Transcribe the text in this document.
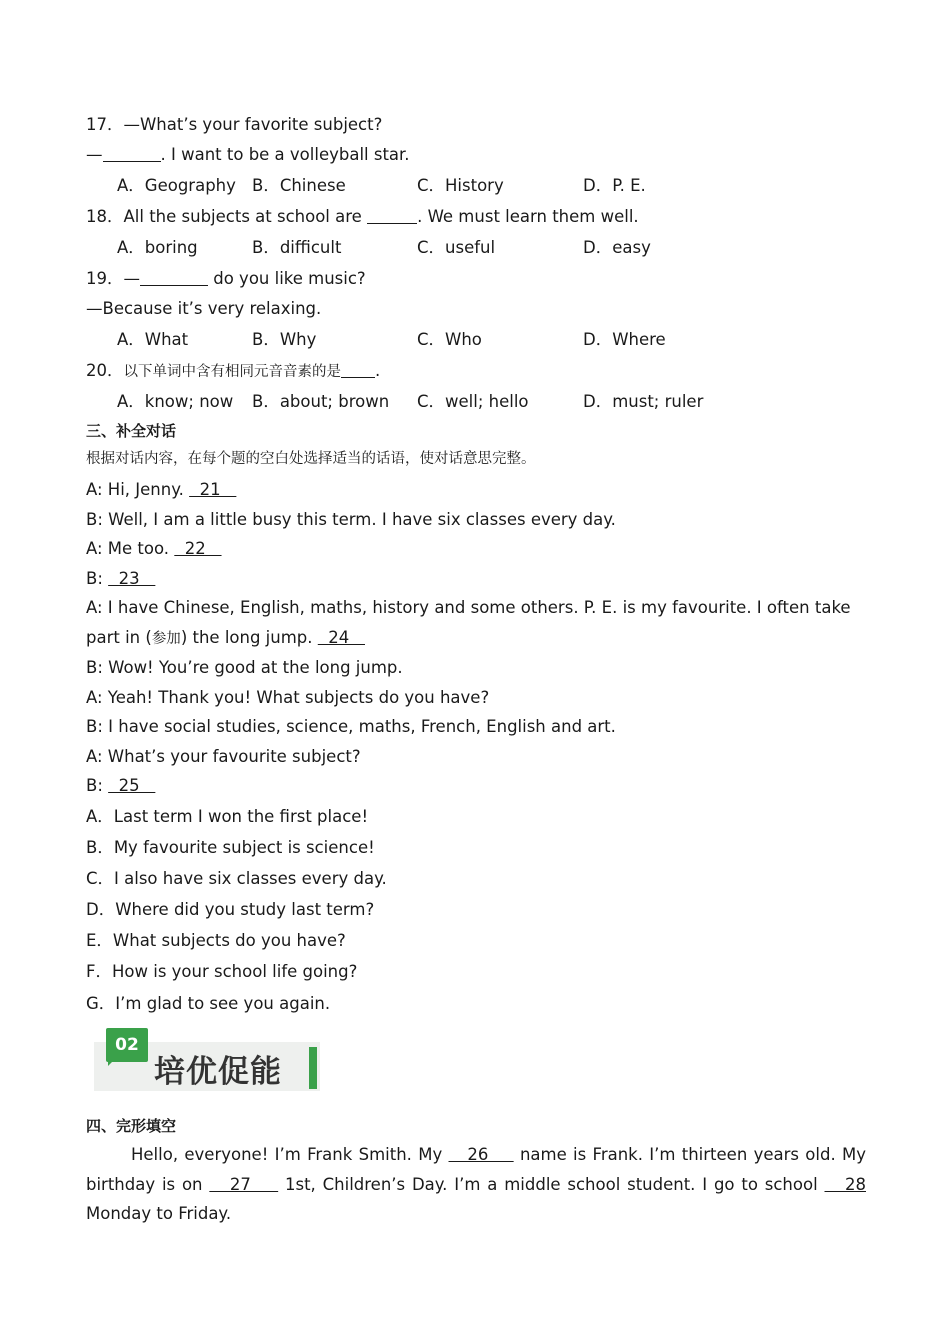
17．—What’s your favorite subject?
—	. I want to be a volleyball star.
A．Geography B．Chinese	C．History	D．P. E.
18．All the subjects at school are	. We must learn them well.
A．boring	B．difficult	C．useful	D．easy
19．—	do you like music?
—Because it’s very relaxing.
A．What	B．Why	C．Who	D．Where
20．以下单词中含有相同元音音素的是 .
A．know; now B．about; brown C．well; hello	D．must; ruler
三、补全对话
根据对话内容，在每个题的空白处选择适当的话语，使对话意思完整。
A: Hi, Jenny.   21
B: Well, I am a little busy this term. I have six classes every day.
A: Me too.   22
B:   23
A: I have Chinese, English, maths, history and some others. P. E. is my favourite. I often take part in (参加) the long jump.   24
B: Wow! You’re good at the long jump.
A: Yeah! Thank you! What subjects do you have?
B: I have social studies, science, maths, French, English and art.
A: What’s your favourite subject?
B:   25
A．Last term I won the first place!
B．My favourite subject is science!
C．I also have six classes every day.
D．Where did you study last term?
E．What subjects do you have?
F．How is your school life going?
G．I’m glad to see you again.
02
培优促能
四、完形填空
Hello, everyone! I’m Frank Smith. My    26     name is Frank. I’m thirteen years old. My birthday is on    27     1st, Children’s Day. I’m a middle school student. I go to school    28 Monday to Friday.
